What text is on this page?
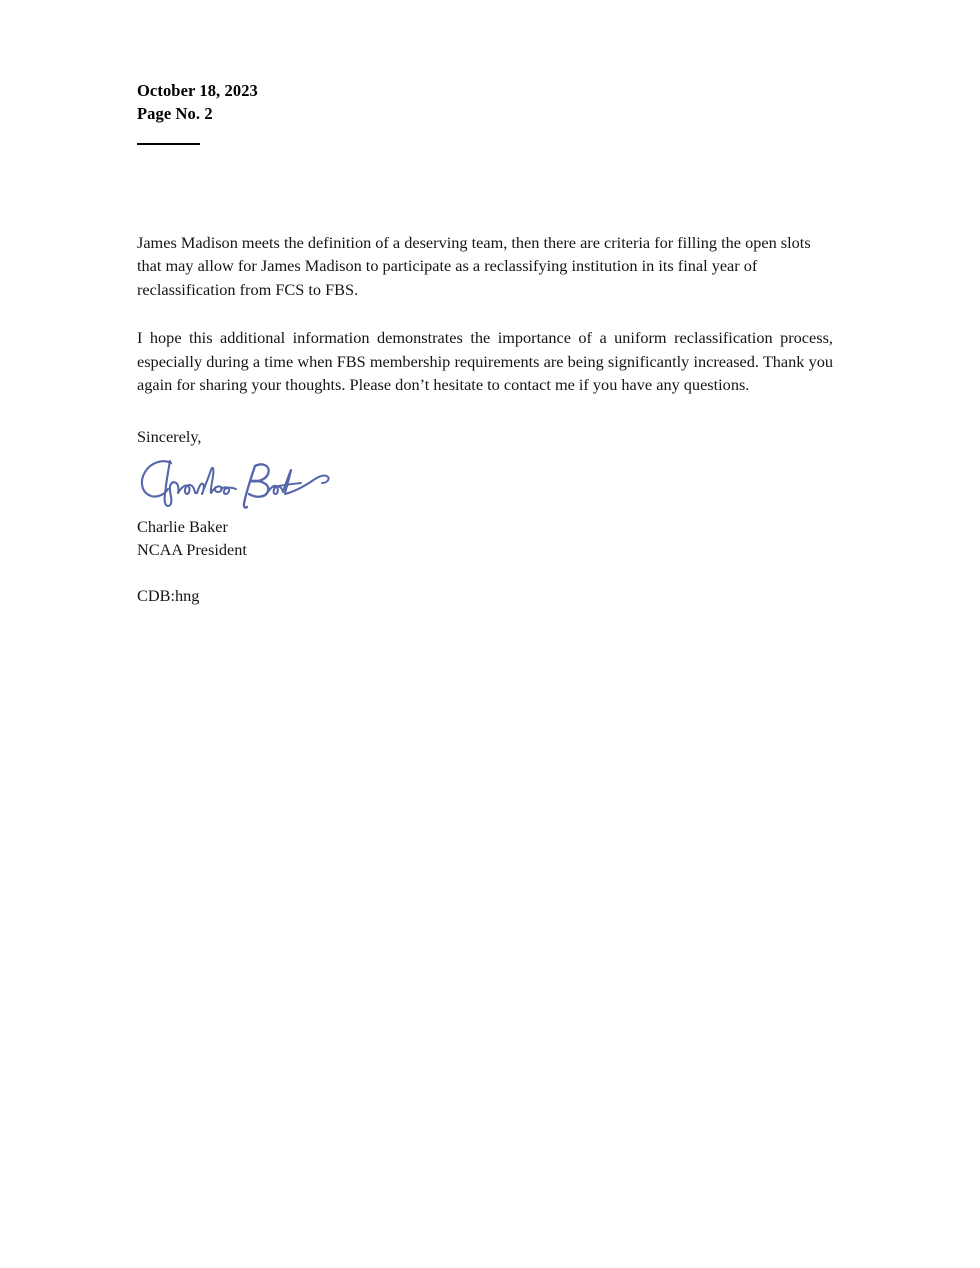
October 18, 2023
Page No. 2

James Madison meets the definition of a deserving team, then there are criteria for filling the open slots that may allow for James Madison to participate as a reclassifying institution in its final year of reclassification from FCS to FBS.

I hope this additional information demonstrates the importance of a uniform reclassification process, especially during a time when FBS membership requirements are being significantly increased. Thank you again for sharing your thoughts. Please don’t hesitate to contact me if you have any questions.

Sincerely,
Charlie Baker
NCAA President
CDB:hng
